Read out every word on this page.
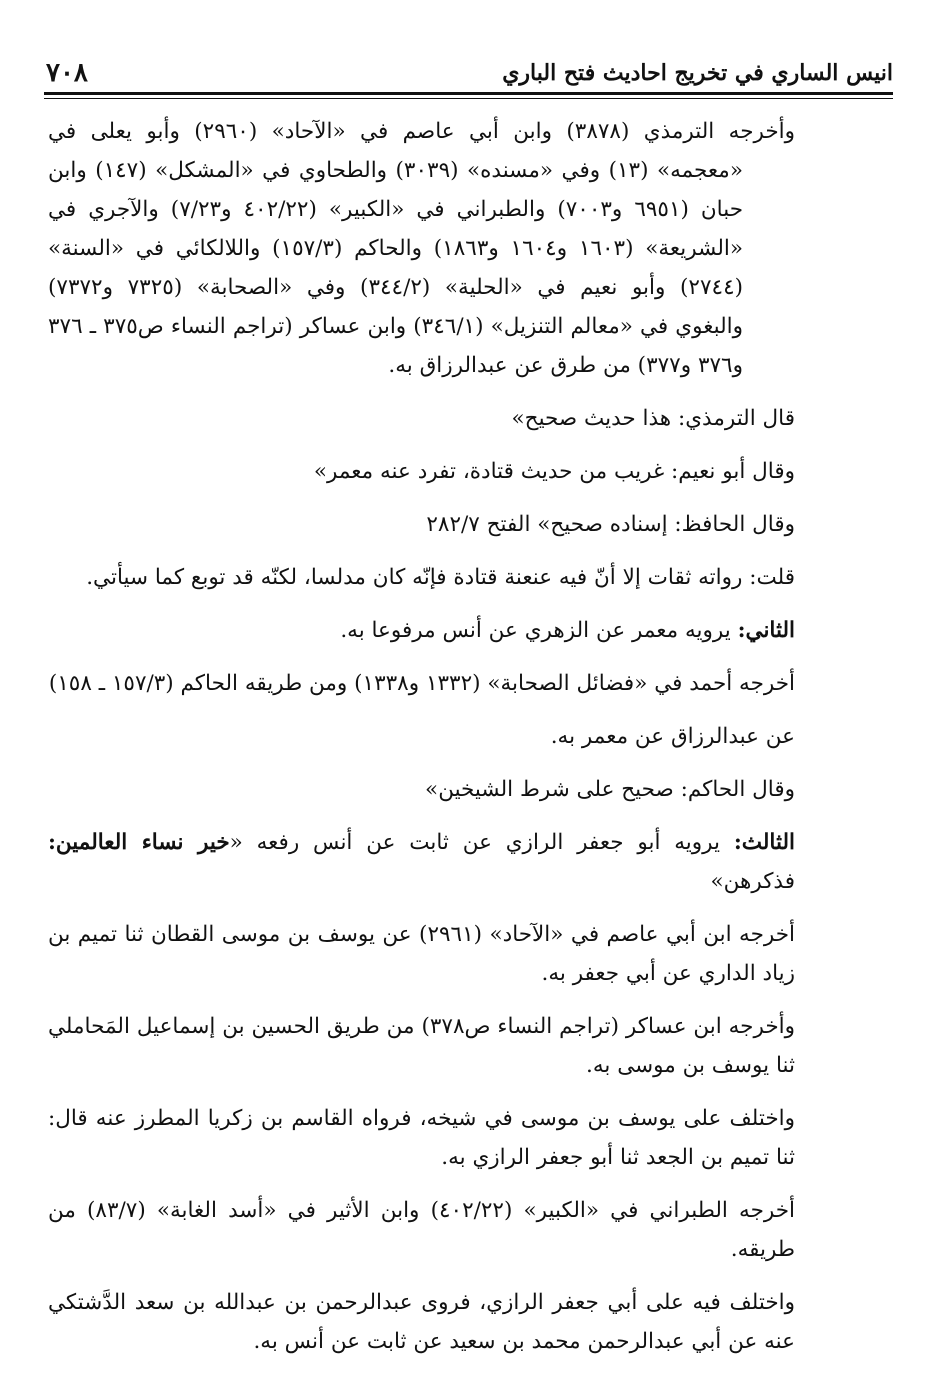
انيس الساري في تخريج احاديث فتح الباري
٧٠٨

وأخرجه الترمذي (٣٨٧٨) وابن أبي عاصم في «الآحاد» (٢٩٦٠) وأبو يعلى في «معجمه» (١٣) وفي «مسنده» (٣٠٣٩) والطحاوي في «المشكل» (١٤٧) وابن حبان (٦٩٥١ و٧٠٠٣) والطبراني في «الكبير» (٤٠٢/٢٢ و٧/٢٣) والآجري في «الشريعة» (١٦٠٣ و١٦٠٤ و١٨٦٣) والحاكم (١٥٧/٣) واللالكائي في «السنة» (٢٧٤٤) وأبو نعيم في «الحلية» (٣٤٤/٢) وفي «الصحابة» (٧٣٢٥ و٧٣٧٢) والبغوي في «معالم التنزيل» (٣٤٦/١) وابن عساكر (تراجم النساء ص٣٧٥ ـ ٣٧٦ و٣٧٦ و٣٧٧) من طرق عن عبدالرزاق به.

قال الترمذي: هذا حديث صحيح»

وقال أبو نعيم: غريب من حديث قتادة، تفرد عنه معمر»

وقال الحافظ: إسناده صحيح» الفتح ٢٨٢/٧

قلت: رواته ثقات إلا أنّ فيه عنعنة قتادة فإنّه كان مدلسا، لكنّه قد توبع كما سيأتي.

الثاني: يرويه معمر عن الزهري عن أنس مرفوعا به.

أخرجه أحمد في «فضائل الصحابة» (١٣٣٢ و١٣٣٨) ومن طريقه الحاكم (١٥٧/٣ ـ ١٥٨)

عن عبدالرزاق عن معمر به.

وقال الحاكم: صحيح على شرط الشيخين»

الثالث: يرويه أبو جعفر الرازي عن ثابت عن أنس رفعه «خير نساء العالمين: فذكرهن»

أخرجه ابن أبي عاصم في «الآحاد» (٢٩٦١) عن يوسف بن موسى القطان ثنا تميم بن زياد الداري عن أبي جعفر به.

وأخرجه ابن عساكر (تراجم النساء ص٣٧٨) من طريق الحسين بن إسماعيل المَحاملي ثنا يوسف بن موسى به.

واختلف على يوسف بن موسى في شيخه، فرواه القاسم بن زكريا المطرز عنه قال: ثنا تميم بن الجعد ثنا أبو جعفر الرازي به.

أخرجه الطبراني في «الكبير» (٤٠٢/٢٢) وابن الأثير في «أسد الغابة» (٨٣/٧) من طريقه.

واختلف فيه على أبي جعفر الرازي، فروى عبدالرحمن بن عبدالله بن سعد الدَّشتكي عنه عن أبي عبدالرحمن محمد بن سعيد عن ثابت عن أنس به.
